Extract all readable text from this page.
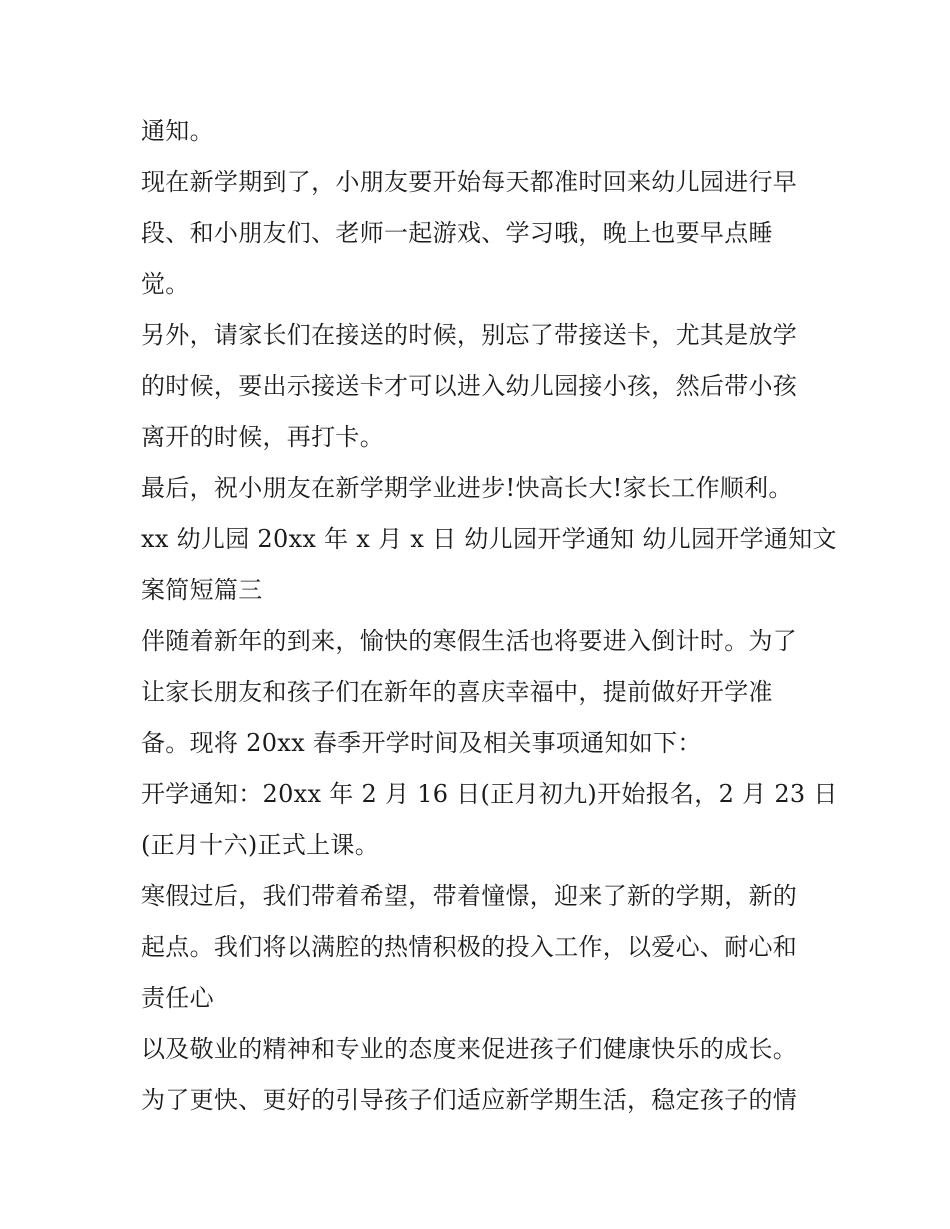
通知。
现在新学期到了，小朋友要开始每天都准时回来幼儿园进行早
段、和小朋友们、老师一起游戏、学习哦，晚上也要早点睡
觉。
另外，请家长们在接送的时候，别忘了带接送卡，尤其是放学
的时候，要出示接送卡才可以进入幼儿园接小孩，然后带小孩
离开的时候，再打卡。
最后，祝小朋友在新学期学业进步!快高长大!家长工作顺利。
xx 幼儿园 20xx 年 x 月 x 日 幼儿园开学通知 幼儿园开学通知文
案简短篇三
伴随着新年的到来，愉快的寒假生活也将要进入倒计时。为了
让家长朋友和孩子们在新年的喜庆幸福中，提前做好开学准
备。现将 20xx 春季开学时间及相关事项通知如下：
开学通知：20xx 年 2 月 16 日(正月初九)开始报名，2 月 23 日
(正月十六)正式上课。
寒假过后，我们带着希望，带着憧憬，迎来了新的学期，新的
起点。我们将以满腔的热情积极的投入工作，以爱心、耐心和
责任心
以及敬业的精神和专业的态度来促进孩子们健康快乐的成长。
为了更快、更好的引导孩子们适应新学期生活，稳定孩子的情
